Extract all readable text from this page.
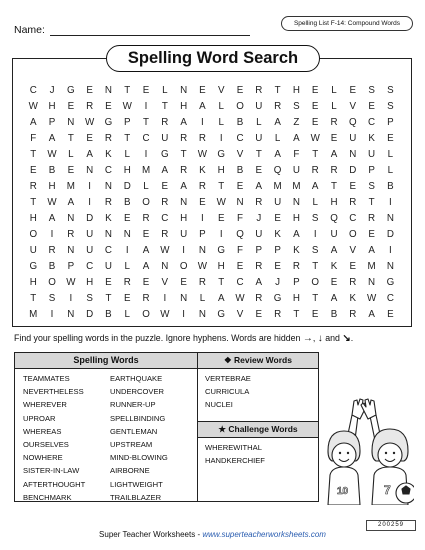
Name:
Spelling List F-14: Compound Words
Spelling Word Search
C	J	G	E	N	T	E	L	N	E	V	E	R	T	H	E	L	E	S	S
W	H	E	R	E	W	I	T	H	A	L	O	U	R	S	E	L	V	E	S
A	P	N	W	G	P	T	R	A	I	L	B	L	A	Z	E	R	Q	C	P
F	A	T	E	R	T	C	U	R	R	I	C	U	L	A	W	E	U	K	E
T	W	L	A	K	L	I	G	T	W	G	V	T	A	F	T	A	N	U	L
E	B	E	N	C	H	M	A	R	K	H	B	E	Q	U	R	R	D	P	L
R	H	M	I	N	D	L	E	A	R	T	E	A	M	M	A	T	E	S	B
T	W	A	I	R	B	O	R	N	E	W	N	R	U	N	L	H	R	T	I
H	A	N	D	K	E	R	C	H	I	E	F	J	E	H	S	Q	C	R	N
O	I	R	U	N	N	E	R	U	P	I	Q	U	K	A	I	U	O	E	D
U	R	N	U	C	I	A	W	I	N	G	F	P	P	K	S	A	V	A	I
G	B	P	C	U	L	A	N	O	W	H	E	R	E	R	T	K	E	M	N
H	O	W	H	E	R	E	V	E	R	T	C	A	J	P	O	E	R	N	G
T	S	I	S	T	E	R	I	N	L	A	W	R	G	H	T	A	K	W	C
M	I	N	D	B	L	O	W	I	N	G	V	E	R	T	E	B	R	A	E
Find your spelling words in the puzzle. Ignore hyphens. Words are hidden →, ↓ and ↘.
Spelling Words	❖ Review Words
TEAMMATES
NEVERTHELESS
WHEREVER
UPROAR
WHEREAS
OURSELVES
NOWHERE
SISTER-IN-LAW
AFTERTHOUGHT
BENCHMARK
EARTHQUAKE
UNDERCOVER
RUNNER-UP
SPELLBINDING
GENTLEMAN
UPSTREAM
MIND-BLOWING
AIRBORNE
LIGHTWEIGHT
TRAILBLAZER
VERTEBRAE
CURRICULA
NUCLEI
★ Challenge Words
WHEREWITHAL
HANDKERCHIEF
10	7
200259
Super Teacher Worksheets - www.superteacherworksheets.com
